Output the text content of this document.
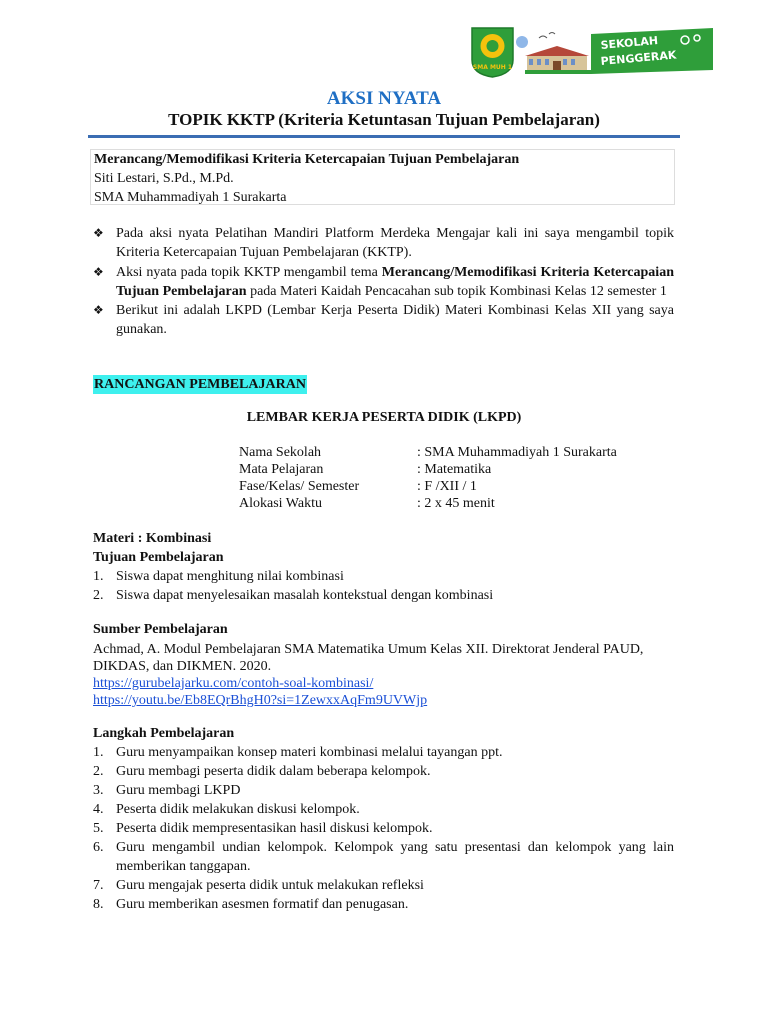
SMA MUH 1
SEKOLAH
PENGGERAK
AKSI NYATA
TOPIK KKTP (Kriteria Ketuntasan Tujuan Pembelajaran)
Merancang/Memodifikasi Kriteria Ketercapaian Tujuan Pembelajaran
Siti Lestari, S.Pd., M.Pd.
SMA Muhammadiyah 1 Surakarta
❖ Pada aksi nyata Pelatihan Mandiri Platform Merdeka Mengajar kali ini saya mengambil topik Kriteria Ketercapaian Tujuan Pembelajaran (KKTP).
❖ Aksi nyata pada topik KKTP mengambil tema Merancang/Memodifikasi Kriteria Ketercapaian Tujuan Pembelajaran pada Materi Kaidah Pencacahan sub topik Kombinasi Kelas 12 semester 1
❖ Berikut ini adalah LKPD (Lembar Kerja Peserta Didik) Materi Kombinasi Kelas XII yang saya gunakan.
RANCANGAN PEMBELAJARAN
LEMBAR KERJA PESERTA DIDIK (LKPD)
Nama Sekolah	: SMA Muhammadiyah 1 Surakarta
Mata Pelajaran	: Matematika
Fase/Kelas/ Semester	: F /XII / 1
Alokasi Waktu	: 2 x 45 menit
Materi : Kombinasi
Tujuan Pembelajaran
1. Siswa dapat menghitung nilai kombinasi
2. Siswa dapat menyelesaikan masalah kontekstual dengan kombinasi
Sumber Pembelajaran
Achmad, A. Modul Pembelajaran SMA Matematika Umum Kelas XII. Direktorat Jenderal PAUD, DIKDAS, dan DIKMEN. 2020.
https://gurubelajarku.com/contoh-soal-kombinasi/
https://youtu.be/Eb8EQrBhgH0?si=1ZewxxAqFm9UVWjp
Langkah Pembelajaran
1. Guru menyampaikan konsep materi kombinasi melalui tayangan ppt.
2. Guru membagi peserta didik dalam beberapa kelompok.
3. Guru membagi LKPD
4. Peserta didik melakukan diskusi kelompok.
5. Peserta didik mempresentasikan hasil diskusi kelompok.
6. Guru mengambil undian kelompok. Kelompok yang satu presentasi dan kelompok yang lain memberikan tanggapan.
7. Guru mengajak peserta didik untuk melakukan refleksi
8. Guru memberikan asesmen formatif dan penugasan.
